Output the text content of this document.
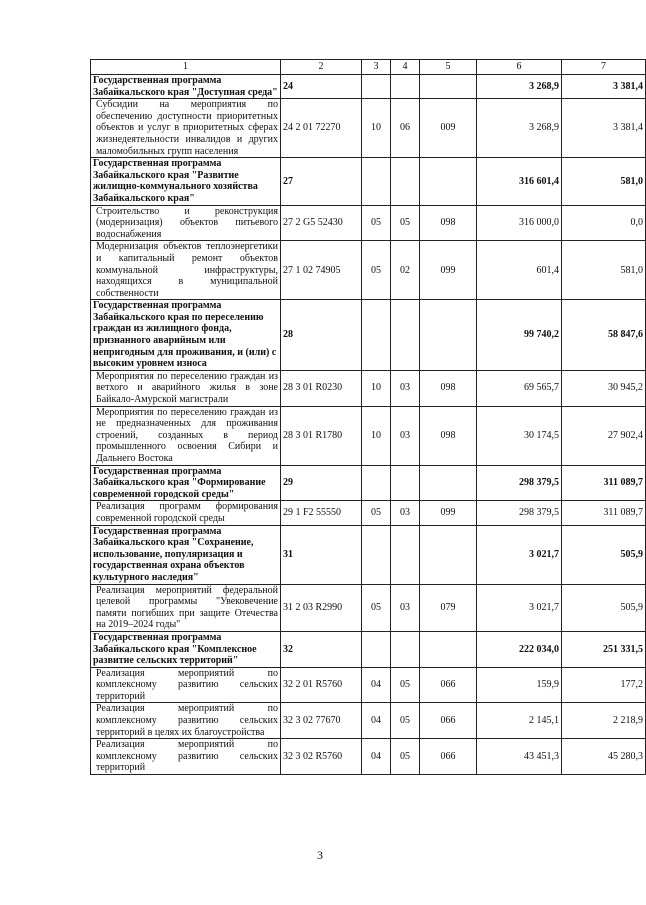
1	2	3	4	5	6	7
Государственная программа Забайкальского края "Доступная среда"	24				3 268,9	3 381,4
Субсидии на мероприятия по обеспечению доступности приоритетных объектов и услуг в приоритетных сферах жизнедеятельности инвалидов и других маломобильных групп населения	24 2 01 72270	10	06	009	3 268,9	3 381,4
Государственная программа Забайкальского края "Развитие жилищно-коммунального хозяйства Забайкальского края"	27				316 601,4	581,0
Строительство и реконструкция (модернизация) объектов питьевого водоснабжения	27 2 G5 52430	05	05	098	316 000,0	0,0
Модернизация объектов теплоэнергетики и капитальный ремонт объектов коммунальной инфраструктуры, находящихся в муниципальной собственности	27 1 02 74905	05	02	099	601,4	581,0
Государственная программа Забайкальского края по переселению граждан из жилищного фонда, признанного аварийным или непригодным для проживания, и (или) с высоким уровнем износа	28				99 740,2	58 847,6
Мероприятия по переселению граждан из ветхого и аварийного жилья в зоне Байкало-Амурской магистрали	28 3 01 R0230	10	03	098	69 565,7	30 945,2
Мероприятия по переселению граждан из не предназначенных для проживания строений, созданных в период промышленного освоения Сибири и Дальнего Востока	28 3 01 R1780	10	03	098	30 174,5	27 902,4
Государственная программа Забайкальского края "Формирование современной городской среды"	29				298 379,5	311 089,7
Реализация программ формирования современной городской среды	29 1 F2 55550	05	03	099	298 379,5	311 089,7
Государственная программа Забайкальского края "Сохранение, использование, популяризация и государственная охрана объектов культурного наследия"	31				3 021,7	505,9
Реализация мероприятий федеральной целевой программы "Увековечение памяти погибших при защите Отечества на 2019–2024 годы"	31 2 03 R2990	05	03	079	3 021,7	505,9
Государственная программа Забайкальского края "Комплексное развитие сельских территорий"	32				222 034,0	251 331,5
Реализация мероприятий по комплексному развитию сельских территорий	32 2 01 R5760	04	05	066	159,9	177,2
Реализация мероприятий по комплексному развитию сельских территорий в целях их благоустройства	32 3 02 77670	04	05	066	2 145,1	2 218,9
Реализация мероприятий по комплексному развитию сельских территорий	32 3 02 R5760	04	05	066	43 451,3	45 280,3
3
